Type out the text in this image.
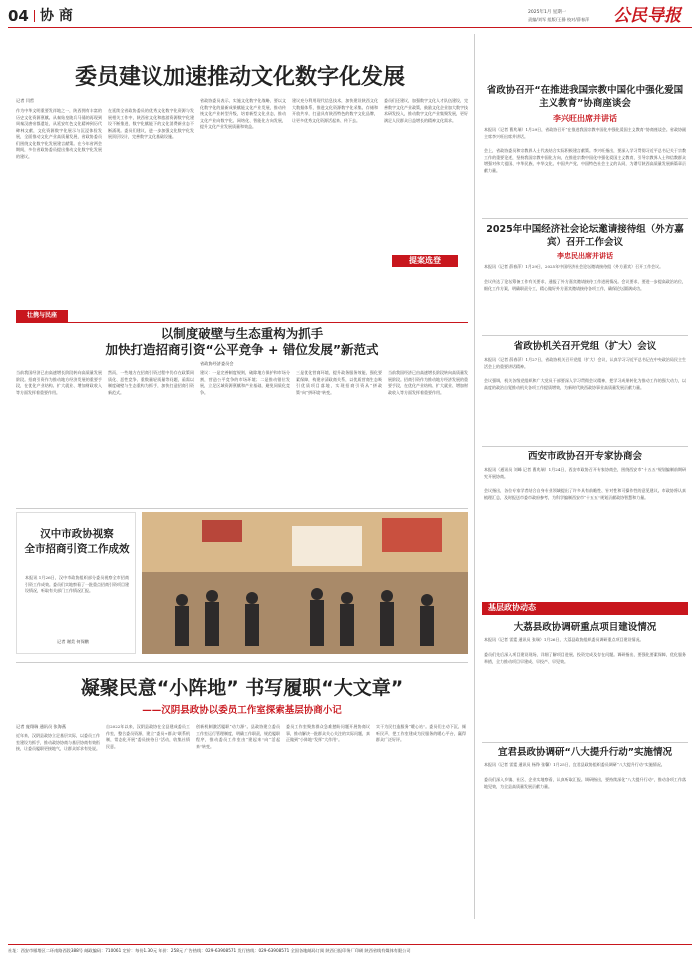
04 协 商	2025年1月 星期一
责编/刘军 组版/王静 校对/薛春萍 公民导报
委员建议加速推动文化数字化发展
记者 闫哲
作为中华文明重要发祥地之一，陕西拥有丰富的历史文化资源禀赋。从秦始皇陵兵马俑的再现到周秦汉唐帝都遗址，从延安红色文化精神到历代碑林文献，文化资源数字化展示与沉浸体验发展，全面推动文化产业高质量发展，省政协委员们围绕文化数字化发展建言献策。在今年省两会期间，多位省政协委员提出推动文化数字化发展的建议。
在延续全省政协委员的优秀文化数字化资源与发展相关工作中，陕西省文化和旅游资源数字化建设不断推进，数字化赋能下的文化消费新业态不断涌现。委员们建议，进一步加强文化数字化发展顶层设计，完善数字文化基础设施。
省政协委员表示，实施文化数字化战略，要以文化数字化的最新成果赋能文化产业发展，推动传统文化产业转型升级，培育新型文化业态，推动文化产业向数字化、网络化、智能化方向发展，提升文化产业发展质量和效益。
建议充分利用现代信息技术，加快建设陕西文化大数据体系，推进文化资源数字化采集、存储和开放共享，打造具有陕西特色的数字文化品牌，让更多优秀文化资源活起来、传下去。
委员们还建议，加强数字文化人才队伍建设，完善数字文化产业政策，鼓励文化企业加大数字技术研发投入，推动数字文化产业集聚发展，更好满足人民群众日益增长的精神文化需求。
提案选登
省政协召开“在推进我国宗教中国化中强化爱国主义教育”协商座谈会
李兴旺出席并讲话
本报讯（记者 曹兆瑞）1月29日，省政协召开“在推进我国宗教中国化中强化爱国主义教育”协商座谈会。省政协副主席李兴旺出席并讲话。
会上，省政协委员和宗教界人士代表结合实际积极建言献策。李兴旺指出，要深入学习贯彻习近平总书记关于宗教工作的重要论述，坚持我国宗教中国化方向，在推进宗教中国化中强化爱国主义教育，引导宗教界人士和信教群众增强对伟大祖国、中华民族、中华文化、中国共产党、中国特色社会主义的认同，为谱写陕西高质量发展新篇章贡献力量。
2025年中国经济社会论坛邀请接待组（外方嘉宾）召开工作会议
李忠民出席并讲话
本报讯（记者 薛春萍）1月29日，2025年中国经济社会论坛邀请接待组（外方嘉宾）召开工作会议。
会议传达了论坛筹备工作有关要求，通报了外方嘉宾邀请接待工作进展情况。会议要求，要进一步提高政治站位，细化工作方案，明确职责分工，精心做好外方嘉宾邀请接待各项工作，确保论坛圆满成功。
省政协机关召开党组（扩大）会议
本报讯（记者 薛春萍）1月27日，省政协机关召开党组（扩大）会议，认真学习习近平总书记在中央政治局民主生活会上的重要讲话精神。
会议强调，机关各级党组织和广大党员干部要深入学习贯彻会议精神，把学习成果转化为推动工作的强大动力，以高度的政治自觉推动机关各项工作提质增效，为新时代陕西政协事业高质量发展贡献力量。
西安市政协召开专家协商会
本报讯（通讯员 刘峰 记者 曹兆瑞）1月24日，西安市政协召开专家协商会，围绕西安市“十五五”规划编制前期研究开展协商。
会议指出，各位专家学者结合自身专业领域提出了许多具有前瞻性、针对性和可操作性的意见建议。市政协将认真梳理汇总，及时报送市委市政府参考，为科学编制西安市“十五五”规划贡献政协智慧和力量。
基层政协动态
大荔县政协调研重点项目建设情况
本报讯（记者 雷霆 通讯员 张瑞）1月26日，大荔县政协组织委员调研重点项目建设情况。
委员们先后深入项目建设现场，详细了解项目进展、投资完成及存在问题。调研指出，要强化要素保障，优化服务举措，全力推动项目早建成、早投产、早见效。
宜君县政协调研“八大提升行动”实施情况
本报讯（记者 雷霆 通讯员 杨铮 张馨）1月25日，宜君县政协组织委员调研“八大提升行动”实施情况。
委员们深入乡镇、社区、企业实地察看，认真听取汇报。调研指出，要持续深化“八大提升行动”，推动各项工作落地见效，为全县高质量发展贡献力量。
壮携与民座
以制度破壁与生态重构为抓手
加快打造招商引资“公平竞争 + 错位发展”新范式
省政协经济委员会
当前我国经济已由高速增长阶段转向高质量发展阶段。招商引资作为推动地方经济发展的重要手段，在优化产业结构、扩大就业、增加财政收入等方面发挥着重要作用。
然而，一些地方在招商引资过程中仍存在政策同质化、恶性竞争、重数量轻质量等问题，亟需以制度破壁与生态重构为抓手，加快打造招商引资新范式。
建议：一是完善制度规则，破除地方保护和市场分割，营造公平竞争的市场环境；二是推动错位发展，立足区域资源禀赋和产业基础，避免同质化竞争。
三是优化营商环境，提升政务服务效能，强化要素保障，构建亲清政商关系，以优质营商生态吸引优质项目落地，实现招商引资从“拼政策”向“拼环境”转变。
当前我国经济已由高速增长阶段转向高质量发展阶段。招商引资作为推动地方经济发展的重要手段，在优化产业结构、扩大就业、增加财政收入等方面发挥着重要作用。
汉中市政协视察
全市招商引资工作成效
本报讯 1月26日，汉中市政协组织部分委员视察全市招商引资工作成效。委员们实地察看了一批重点招商引资项目建设情况，听取有关部门工作情况汇报。
记者 谢美 何保鹏
凝聚民意“小阵地” 书写履职“大文章”
——汉阴县政协以委员工作室探索基层协商小记
记者 庞翔瑞 通讯员 张海燕
近年来，汉阴县政协立足基层实际，以委员工作室建设为抓手，推动政协协商与基层协商有效衔接，让委员履职更接地气，让群众诉求有处说。
自2022年以来，汉阴县政协在全县建成委员工作室，整合委员资源，建立“委员+群众”联系机制，常态化开展“委员接待日”活动，收集社情民意。
创新机制激活履职“动力源”。县政协建立委员工作室运行管理制度，明确工作职责，规范履职程序，推动委员工作室由“建起来”向“活起来”转变。
委员工作室聚焦群众急难愁盼问题开展协商议事，推动解决一批群众关心关注的实际问题，真正做到“小阵地”发挥“大作用”。
实干为民打造服务“暖心站”。委员们主动下沉、倾听民声，把工作室建成为民服务的暖心平台，赢得群众广泛好评。
社址：西安市雁塔区二环南路西段388号 邮政编码：710061 定价：每份1.30元 年价：258元 广告热线：029-63908571 发行热线：029-63908571 全国各地邮局订阅 陕西日报印务厂印刷 陕西省线有媒体有限公司
